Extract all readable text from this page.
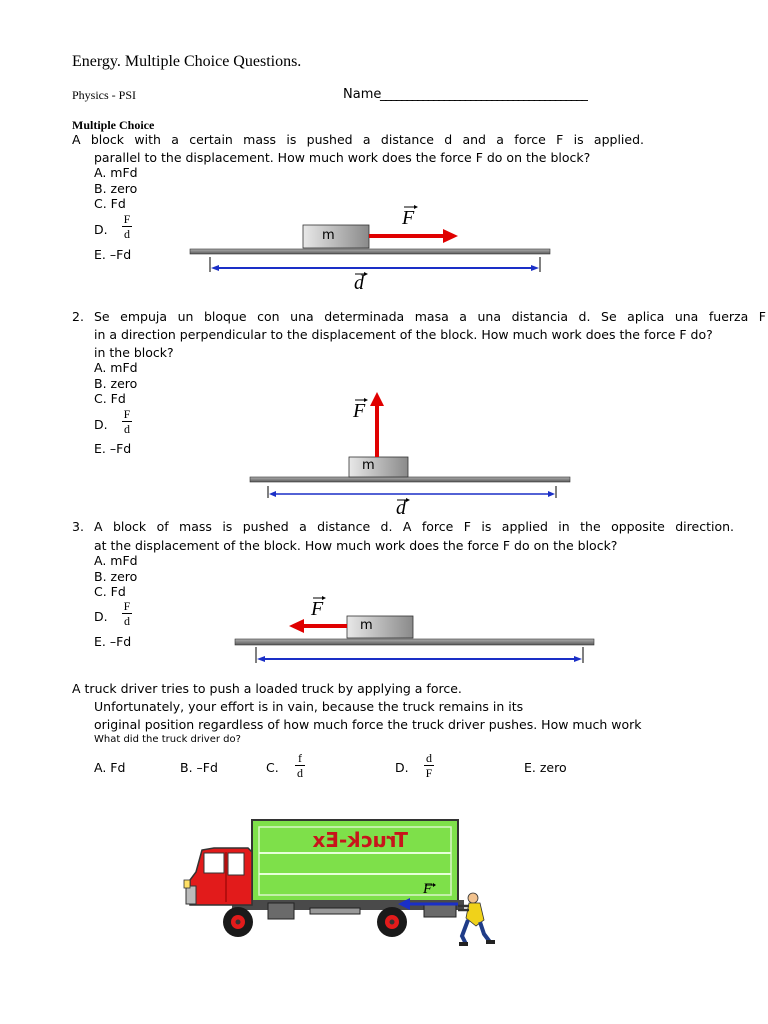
Energy. Multiple Choice Questions.
Physics - PSI	Name
_______________________________________
Multiple Choice
A block with a certain mass is pushed a distance d and a force F is applied.
parallel to the displacement. How much work does the force F do on the block?
A. mFd
B. zero
C. Fd
D.
F
d
E. –Fd
m
F
d
2. Se empuja un bloque con una determinada masa a una distancia d. Se aplica una fuerza F
in a direction perpendicular to the displacement of the block. How much work does the force F do?
in the block?
A. mFd
B. zero
C. Fd
D.
F
d
E. –Fd
m
F
d
3. A block of mass is pushed a distance d. A force F is applied in the opposite direction.
at the displacement of the block. How much work does the force F do on the block?
A. mFd
B. zero
C. Fd
D.
F
d
E. –Fd
m
F
A truck driver tries to push a loaded truck by applying a force.
Unfortunately, your effort is in vain, because the truck remains in its
original position regardless of how much force the truck driver pushes. How much work
What did the truck driver do?
A. Fd	B. –Fd	C.
f
d	D.
d
F	E. zero
Truck-Ex
F
